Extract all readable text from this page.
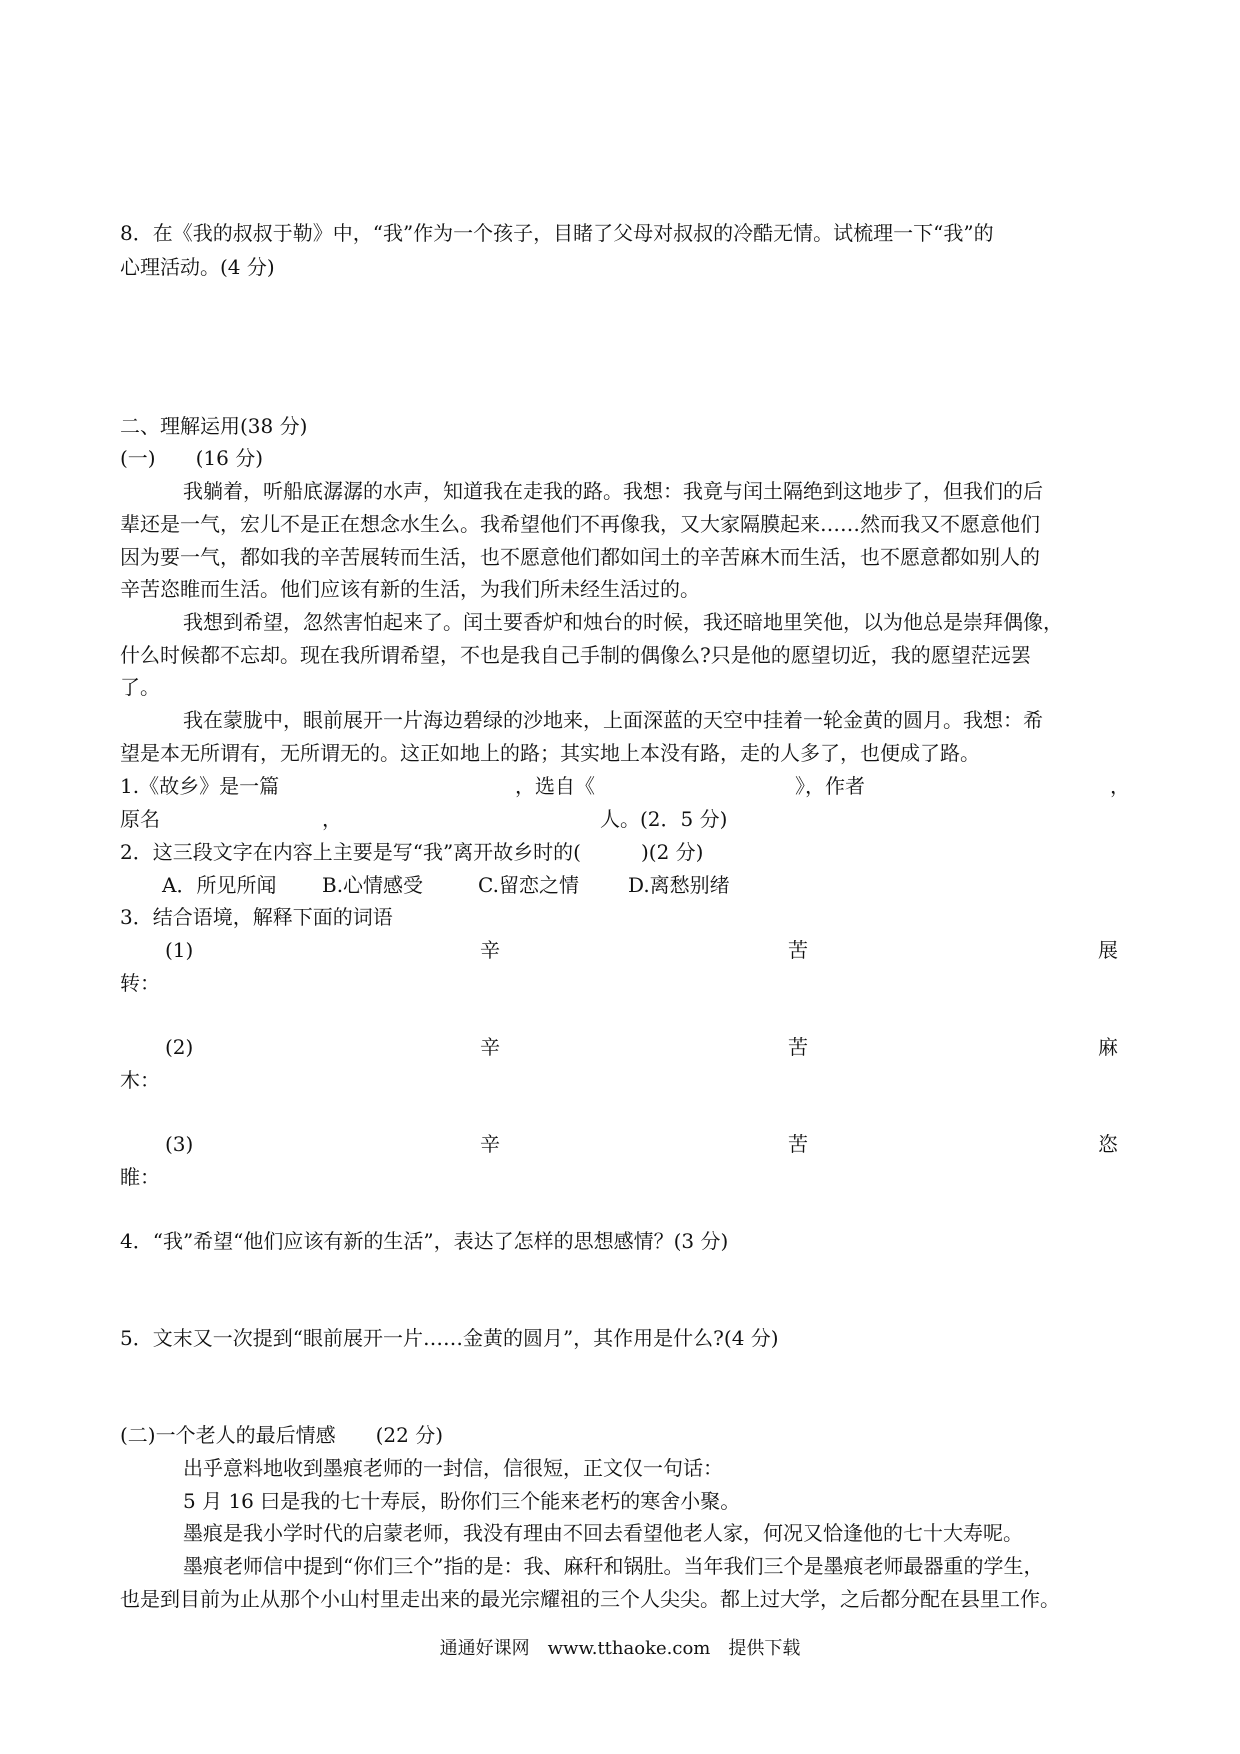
8．在《我的叔叔于勒》中，“我”作为一个孩子，目睹了父母对叔叔的冷酷无情。试梳理一下“我”的
心理活动。(4 分)
二、理解运用(38 分)
(一)　　(16 分)
我躺着，听船底潺潺的水声，知道我在走我的路。我想：我竟与闰土隔绝到这地步了，但我们的后
辈还是一气，宏儿不是正在想念水生么。我希望他们不再像我，又大家隔膜起来……然而我又不愿意他们
因为要一气，都如我的辛苦展转而生活，也不愿意他们都如闰土的辛苦麻木而生活，也不愿意都如别人的
辛苦恣睢而生活。他们应该有新的生活，为我们所未经生活过的。
我想到希望，忽然害怕起来了。闰土要香炉和烛台的时候，我还暗地里笑他，以为他总是崇拜偶像，
什么时候都不忘却。现在我所谓希望，不也是我自己手制的偶像么?只是他的愿望切近，我的愿望茫远罢
了。
我在蒙胧中，眼前展开一片海边碧绿的沙地来，上面深蓝的天空中挂着一轮金黄的圆月。我想：希
望是本无所谓有，无所谓无的。这正如地上的路；其实地上本没有路，走的人多了，也便成了路。
1.《故乡》是一篇	，选自《	》，作者	，
原名	，	人。(2．5 分)
2．这三段文字在内容上主要是写“我”离开故乡时的(　　　)(2 分)
A．所见所闻 B.心情感受	C.留恋之情 D.离愁别绪
3．结合语境，解释下面的词语
(1)	辛	苦	展
转：
(2)	辛	苦	麻
木：
(3)	辛	苦	恣
睢：
4．“我”希望“他们应该有新的生活”，表达了怎样的思想感情？(3 分)
5．文末又一次提到“眼前展开一片……金黄的圆月”，其作用是什么?(4 分)
(二)一个老人的最后情感　　(22 分)
出乎意料地收到墨痕老师的一封信，信很短，正文仅一句话：
5 月 16 曰是我的七十寿辰，盼你们三个能来老朽的寒舍小聚。
墨痕是我小学时代的启蒙老师，我没有理由不回去看望他老人家，何况又恰逢他的七十大寿呢。
墨痕老师信中提到“你们三个”指的是：我、麻秆和锅肚。当年我们三个是墨痕老师最器重的学生，
也是到目前为止从那个小山村里走出来的最光宗耀祖的三个人尖尖。都上过大学，之后都分配在县里工作。
通通好课网　www.tthaoke.com　提供下载
